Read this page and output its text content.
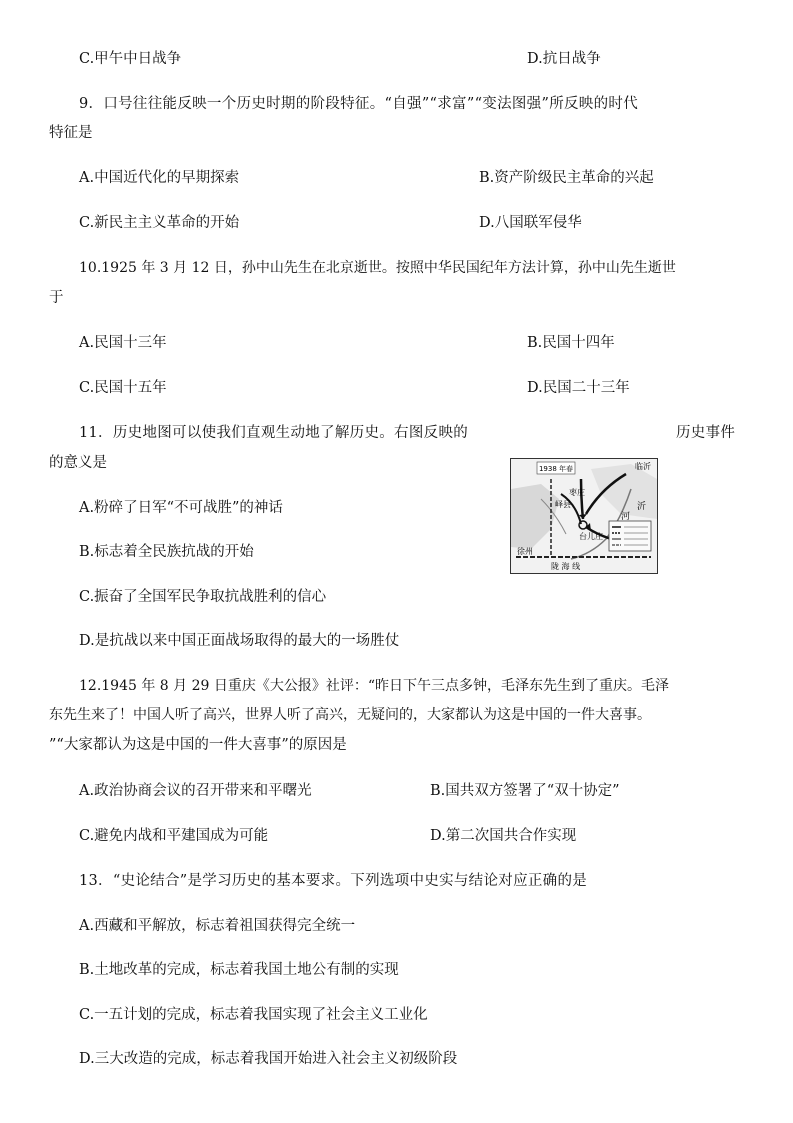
C.甲午中日战争	D.抗日战争
9．口号往往能反映一个历史时期的阶段特征。“自强”“求富”“变法图强”所反映的时代
特征是
A.中国近代化的早期探索	B.资产阶级民主革命的兴起
C.新民主主义革命的开始	D.八国联军侵华
10.1925 年 3 月 12 日，孙中山先生在北京逝世。按照中华民国纪年方法计算，孙中山先生逝世
于
A.民国十三年	B.民国十四年
C.民国十五年	D.民国二十三年
11．历史地图可以使我们直观生动地了解历史。右图反映的	历史事件
的意义是	1938 年春	临沂
枣庄
峄县
徐州
台儿庄
沂
河
陇 海 线
A.粉碎了日军“不可战胜”的神话
B.标志着全民族抗战的开始
C.振奋了全国军民争取抗战胜利的信心
D.是抗战以来中国正面战场取得的最大的一场胜仗
12.1945 年 8 月 29 日重庆《大公报》社评：“昨日下午三点多钟，毛泽东先生到了重庆。毛泽
东先生来了！中国人听了高兴，世界人听了高兴，无疑问的，大家都认为这是中国的一件大喜事。
”“大家都认为这是中国的一件大喜事”的原因是
A.政治协商会议的召开带来和平曙光	B.国共双方签署了“双十协定”
C.避免内战和平建国成为可能	D.第二次国共合作实现
13．“史论结合”是学习历史的基本要求。下列选项中史实与结论对应正确的是
A.西藏和平解放，标志着祖国获得完全统一
B.土地改革的完成，标志着我国土地公有制的实现
C.一五计划的完成，标志着我国实现了社会主义工业化
D.三大改造的完成，标志着我国开始进入社会主义初级阶段
